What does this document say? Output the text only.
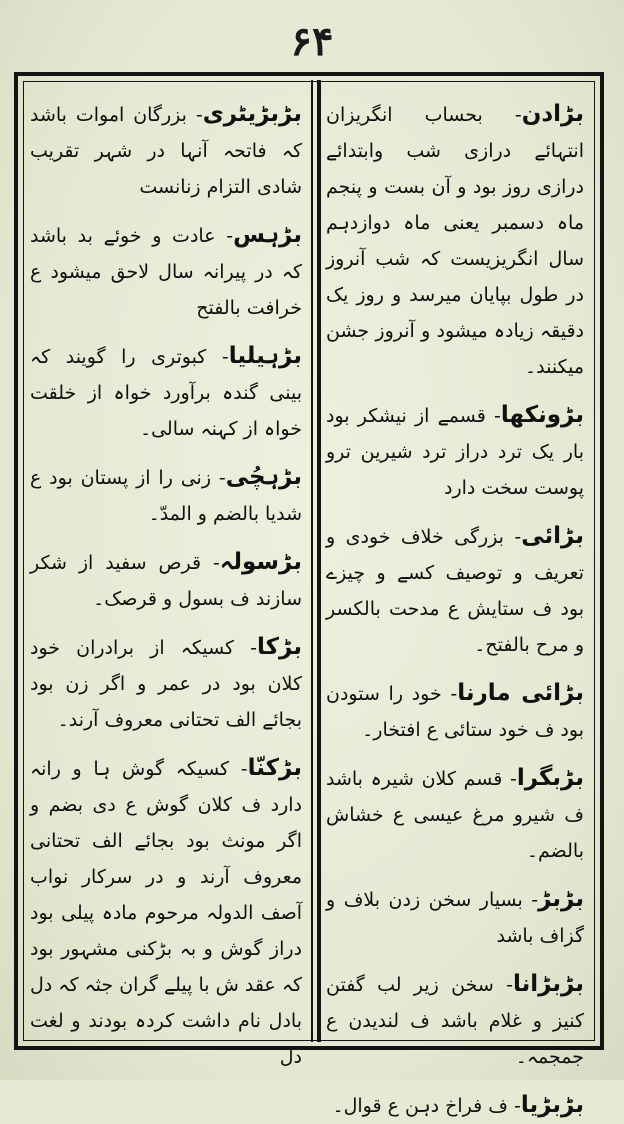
۶۴

بڑادن- بحساب انگریزان انتہائے درازی شب وابتدائے درازی روز بود و آن بست و پنجم ماہ دسمبر یعنی ماہ دوازدہم سال انگریزیست کہ شب آنروز در طول بپایان میرسد و روز یک دقیقہ زیادہ میشود و آنروز جشن میکنند۔

بڑونکھا- قسمے از نیشکر بود بار یک ترد دراز ترد شیرین ترو پوست سخت دارد

بڑائی- بزرگی خلاف خودی و تعریف و توصیف کسے و چیزے بود ف ستایش ع مدحت بالکسر و مرح بالفتح۔

بڑائی مارنا- خود را ستودن بود ف خود ستائی ع افتخار۔

بڑبگرا- قسم کلان شیرہ باشد ف شیرو مرغ عیسی ع خشاش بالضم۔

بڑبڑ- بسیار سخن زدن بلاف و گزاف باشد

بڑبڑانا- سخن زیر لب گفتن کنیز و غلام باشد ف لندیدن ع جمجمہ۔

بڑبڑیا- ف فراخ دہن ع قوال۔

بڑبڑیٹری- بزرگان اموات باشد کہ فاتحہ آنہا در شہر تقریب شادی التزام زنانست

بڑہس- عادت و خوئے بد باشد کہ در پیرانہ سال لاحق میشود ع خرافت بالفتح

بڑہیلیا- کبوتری را گویند کہ بینی گندہ برآورد خواہ از خلقت خواہ از کہنہ سالی۔

بڑہچُی- زنی را از پستان بود ع شدیا بالضم و المدّ۔

بڑسولہ- قرص سفید از شکر سازند ف بسول و قرصک۔

بڑکا- کسیکہ از برادران خود کلان بود در عمر و اگر زن بود بجائے الف تحتانی معروف آرند۔

بڑکنّا- کسیکہ گوش ہا و رانہ دارد ف کلان گوش ع دی بضم و اگر مونث بود بجائے الف تحتانی معروف آرند و در سرکار نواب آصف الدولہ مرحوم مادہ پیلی بود دراز گوش و بہ بڑکنی مشہور بود کہ عقد ش با پیلے گران جثہ کہ دل بادل نام داشت کردہ بودند و لغت دل
